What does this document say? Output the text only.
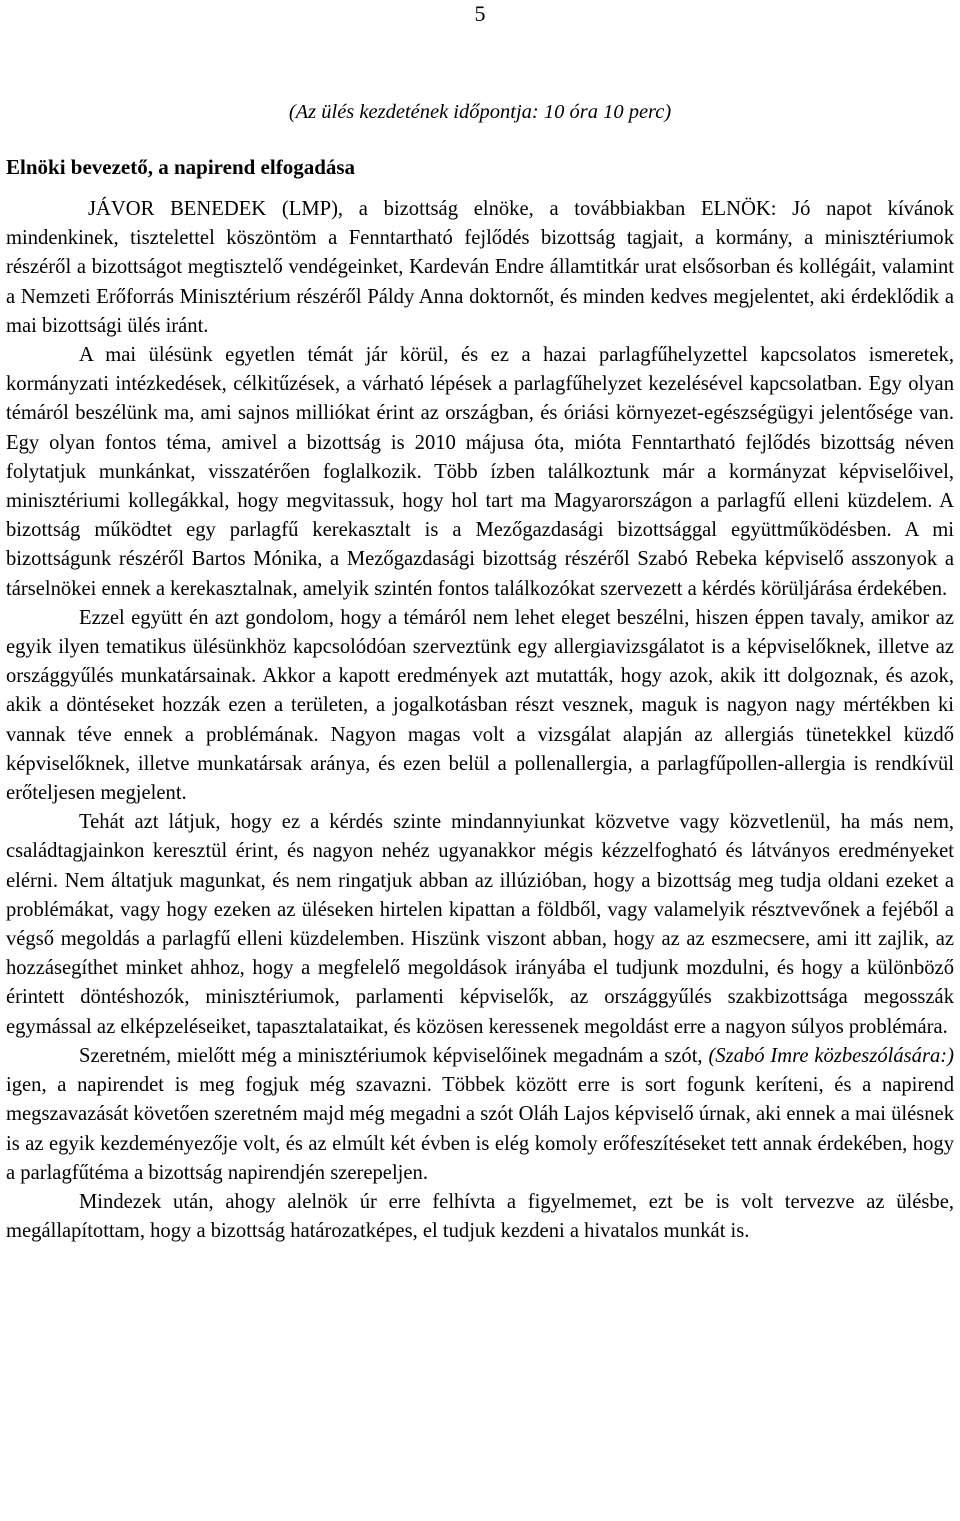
5
(Az ülés kezdetének időpontja: 10 óra 10 perc)
Elnöki bevezető, a napirend elfogadása

JÁVOR BENEDEK (LMP), a bizottság elnöke, a továbbiakban ELNÖK: Jó napot kívánok mindenkinek, tisztelettel köszöntöm a Fenntartható fejlődés bizottság tagjait, a kormány, a minisztériumok részéről a bizottságot megtisztelő vendégeinket, Kardeván Endre államtitkár urat elsősorban és kollégáit, valamint a Nemzeti Erőforrás Minisztérium részéről Páldy Anna doktornőt, és minden kedves megjelentet, aki érdeklődik a mai bizottsági ülés iránt.

A mai ülésünk egyetlen témát jár körül, és ez a hazai parlagfűhelyzettel kapcsolatos ismeretek, kormányzati intézkedések, célkitűzések, a várható lépések a parlagfűhelyzet kezelésével kapcsolatban. Egy olyan témáról beszélünk ma, ami sajnos milliókat érint az országban, és óriási környezet-egészségügyi jelentősége van. Egy olyan fontos téma, amivel a bizottság is 2010 májusa óta, mióta Fenntartható fejlődés bizottság néven folytatjuk munkánkat, visszatérően foglalkozik. Több ízben találkoztunk már a kormányzat képviselőivel, minisztériumi kollegákkal, hogy megvitassuk, hogy hol tart ma Magyarországon a parlagfű elleni küzdelem. A bizottság működtet egy parlagfű kerekasztalt is a Mezőgazdasági bizottsággal együttműködésben. A mi bizottságunk részéről Bartos Mónika, a Mezőgazdasági bizottság részéről Szabó Rebeka képviselő asszonyok a társelnökei ennek a kerekasztalnak, amelyik szintén fontos találkozókat szervezett a kérdés körüljárása érdekében.

Ezzel együtt én azt gondolom, hogy a témáról nem lehet eleget beszélni, hiszen éppen tavaly, amikor az egyik ilyen tematikus ülésünkhöz kapcsolódóan szerveztünk egy allergiavizsgálatot is a képviselőknek, illetve az országgyűlés munkatársainak. Akkor a kapott eredmények azt mutatták, hogy azok, akik itt dolgoznak, és azok, akik a döntéseket hozzák ezen a területen, a jogalkotásban részt vesznek, maguk is nagyon nagy mértékben ki vannak téve ennek a problémának. Nagyon magas volt a vizsgálat alapján az allergiás tünetekkel küzdő képviselőknek, illetve munkatársak aránya, és ezen belül a pollenallergia, a parlagfűpollen-allergia is rendkívül erőteljesen megjelent.

Tehát azt látjuk, hogy ez a kérdés szinte mindannyiunkat közvetve vagy közvetlenül, ha más nem, családtagjainkon keresztül érint, és nagyon nehéz ugyanakkor mégis kézzelfogható és látványos eredményeket elérni. Nem áltatjuk magunkat, és nem ringatjuk abban az illúzióban, hogy a bizottság meg tudja oldani ezeket a problémákat, vagy hogy ezeken az üléseken hirtelen kipattan a földből, vagy valamelyik résztvevőnek a fejéből a végső megoldás a parlagfű elleni küzdelemben. Hiszünk viszont abban, hogy az az eszmecsere, ami itt zajlik, az hozzásegíthet minket ahhoz, hogy a megfelelő megoldások irányába el tudjunk mozdulni, és hogy a különböző érintett döntéshozók, minisztériumok, parlamenti képviselők, az országgyűlés szakbizottsága megosszák egymással az elképzeléseiket, tapasztalataikat, és közösen keressenek megoldást erre a nagyon súlyos problémára.

Szeretném, mielőtt még a minisztériumok képviselőinek megadnám a szót, (Szabó Imre közbeszólására:) igen, a napirendet is meg fogjuk még szavazni. Többek között erre is sort fogunk keríteni, és a napirend megszavazását követően szeretném majd még megadni a szót Oláh Lajos képviselő úrnak, aki ennek a mai ülésnek is az egyik kezdeményezője volt, és az elmúlt két évben is elég komoly erőfeszítéseket tett annak érdekében, hogy a parlagfűtéma a bizottság napirendjén szerepeljen.

Mindezek után, ahogy alelnök úr erre felhívta a figyelmemet, ezt be is volt tervezve az ülésbe, megállapítottam, hogy a bizottság határozatképes, el tudjuk kezdeni a hivatalos munkát is.
